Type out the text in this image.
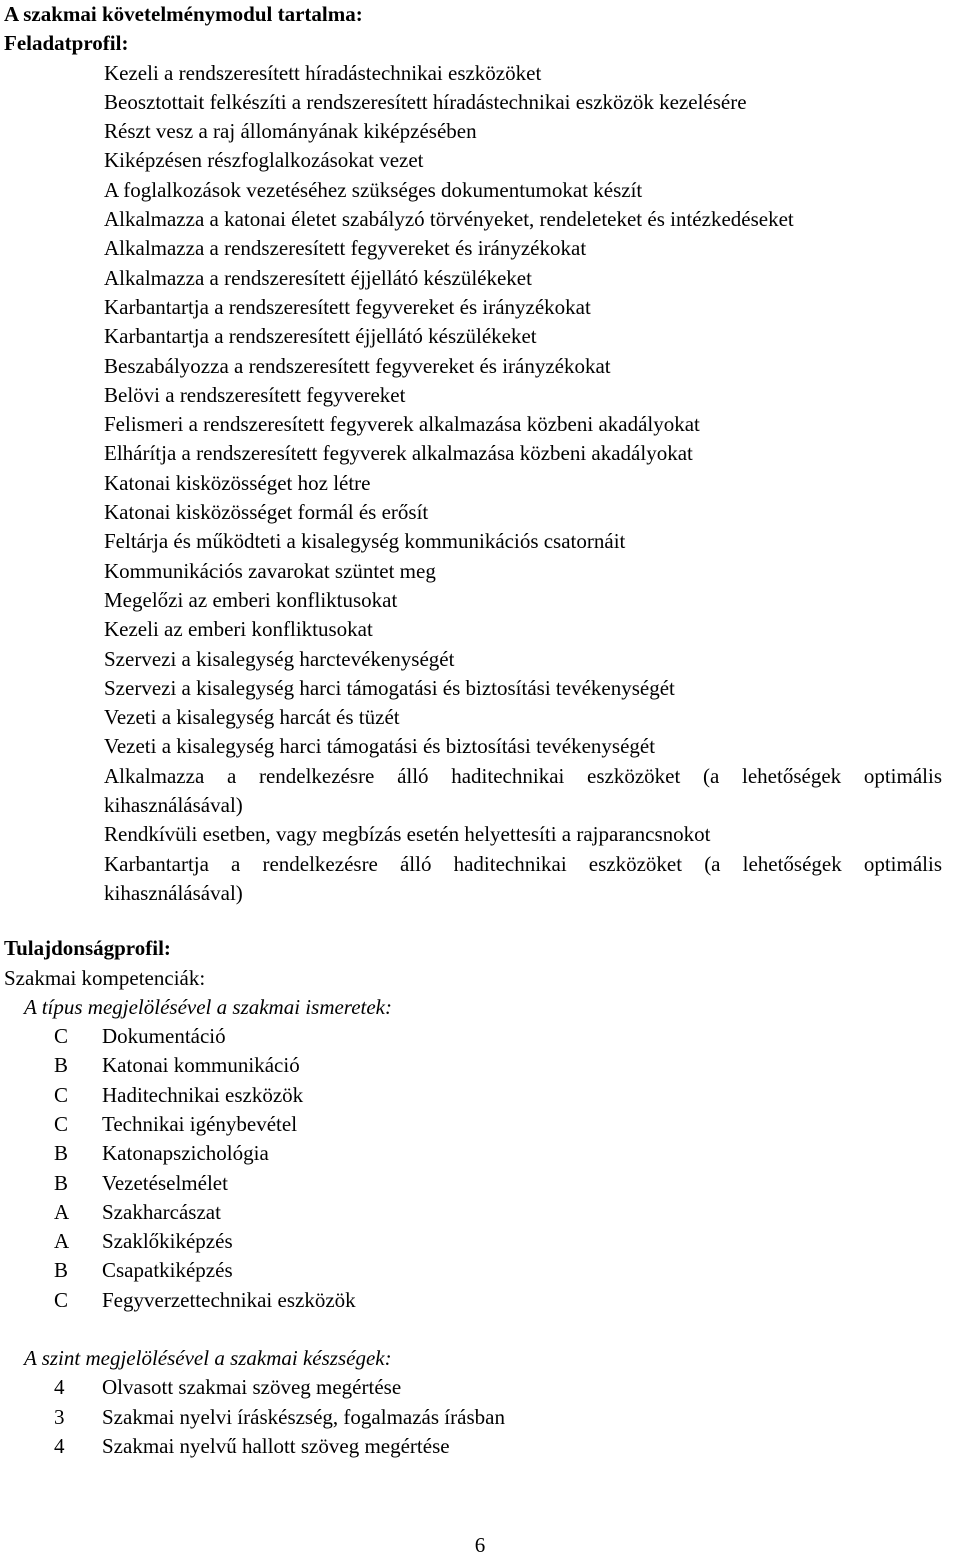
A szakmai követelménymodul tartalma:
Feladatprofil:
Kezeli a rendszeresített híradástechnikai eszközöket
Beosztottait felkészíti a rendszeresített híradástechnikai eszközök kezelésére
Részt vesz a raj állományának kiképzésében
Kiképzésen részfoglalkozásokat vezet
A foglalkozások vezetéséhez szükséges dokumentumokat készít
Alkalmazza a katonai életet szabályzó törvényeket, rendeleteket és intézkedéseket
Alkalmazza a rendszeresített fegyvereket és irányzékokat
Alkalmazza a rendszeresített éjjellátó készülékeket
Karbantartja a rendszeresített fegyvereket és irányzékokat
Karbantartja a rendszeresített éjjellátó készülékeket
Beszabályozza a rendszeresített fegyvereket és irányzékokat
Belövi a rendszeresített fegyvereket
Felismeri a rendszeresített fegyverek alkalmazása közbeni akadályokat
Elhárítja a rendszeresített fegyverek alkalmazása közbeni akadályokat
Katonai kisközösséget hoz létre
Katonai kisközösséget formál és erősít
Feltárja és működteti a kisalegység kommunikációs csatornáit
Kommunikációs zavarokat szüntet meg
Megelőzi az emberi konfliktusokat
Kezeli az emberi konfliktusokat
Szervezi a kisalegység harctevékenységét
Szervezi a kisalegység harci támogatási és biztosítási tevékenységét
Vezeti a kisalegység harcát és tüzét
Vezeti a kisalegység harci támogatási és biztosítási tevékenységét
Alkalmazza a rendelkezésre álló haditechnikai eszközöket (a lehetőségek optimális kihasználásával)
Rendkívüli esetben, vagy megbízás esetén helyettesíti a rajparancsnokot
Karbantartja a rendelkezésre álló haditechnikai eszközöket (a lehetőségek optimális kihasználásával)
Tulajdonságprofil:
Szakmai kompetenciák:
A típus megjelölésével a szakmai ismeretek:
C	Dokumentáció
B	Katonai kommunikáció
C	Haditechnikai eszközök
C	Technikai igénybevétel
B	Katonapszichológia
B	Vezetéselmélet
A	Szakharcászat
A	Szaklőkiképzés
B	Csapatkiképzés
C	Fegyverzettechnikai eszközök
A szint megjelölésével a szakmai készségek:
4	Olvasott szakmai szöveg megértése
3	Szakmai nyelvi íráskészség, fogalmazás írásban
4	Szakmai nyelvű hallott szöveg megértése
6
